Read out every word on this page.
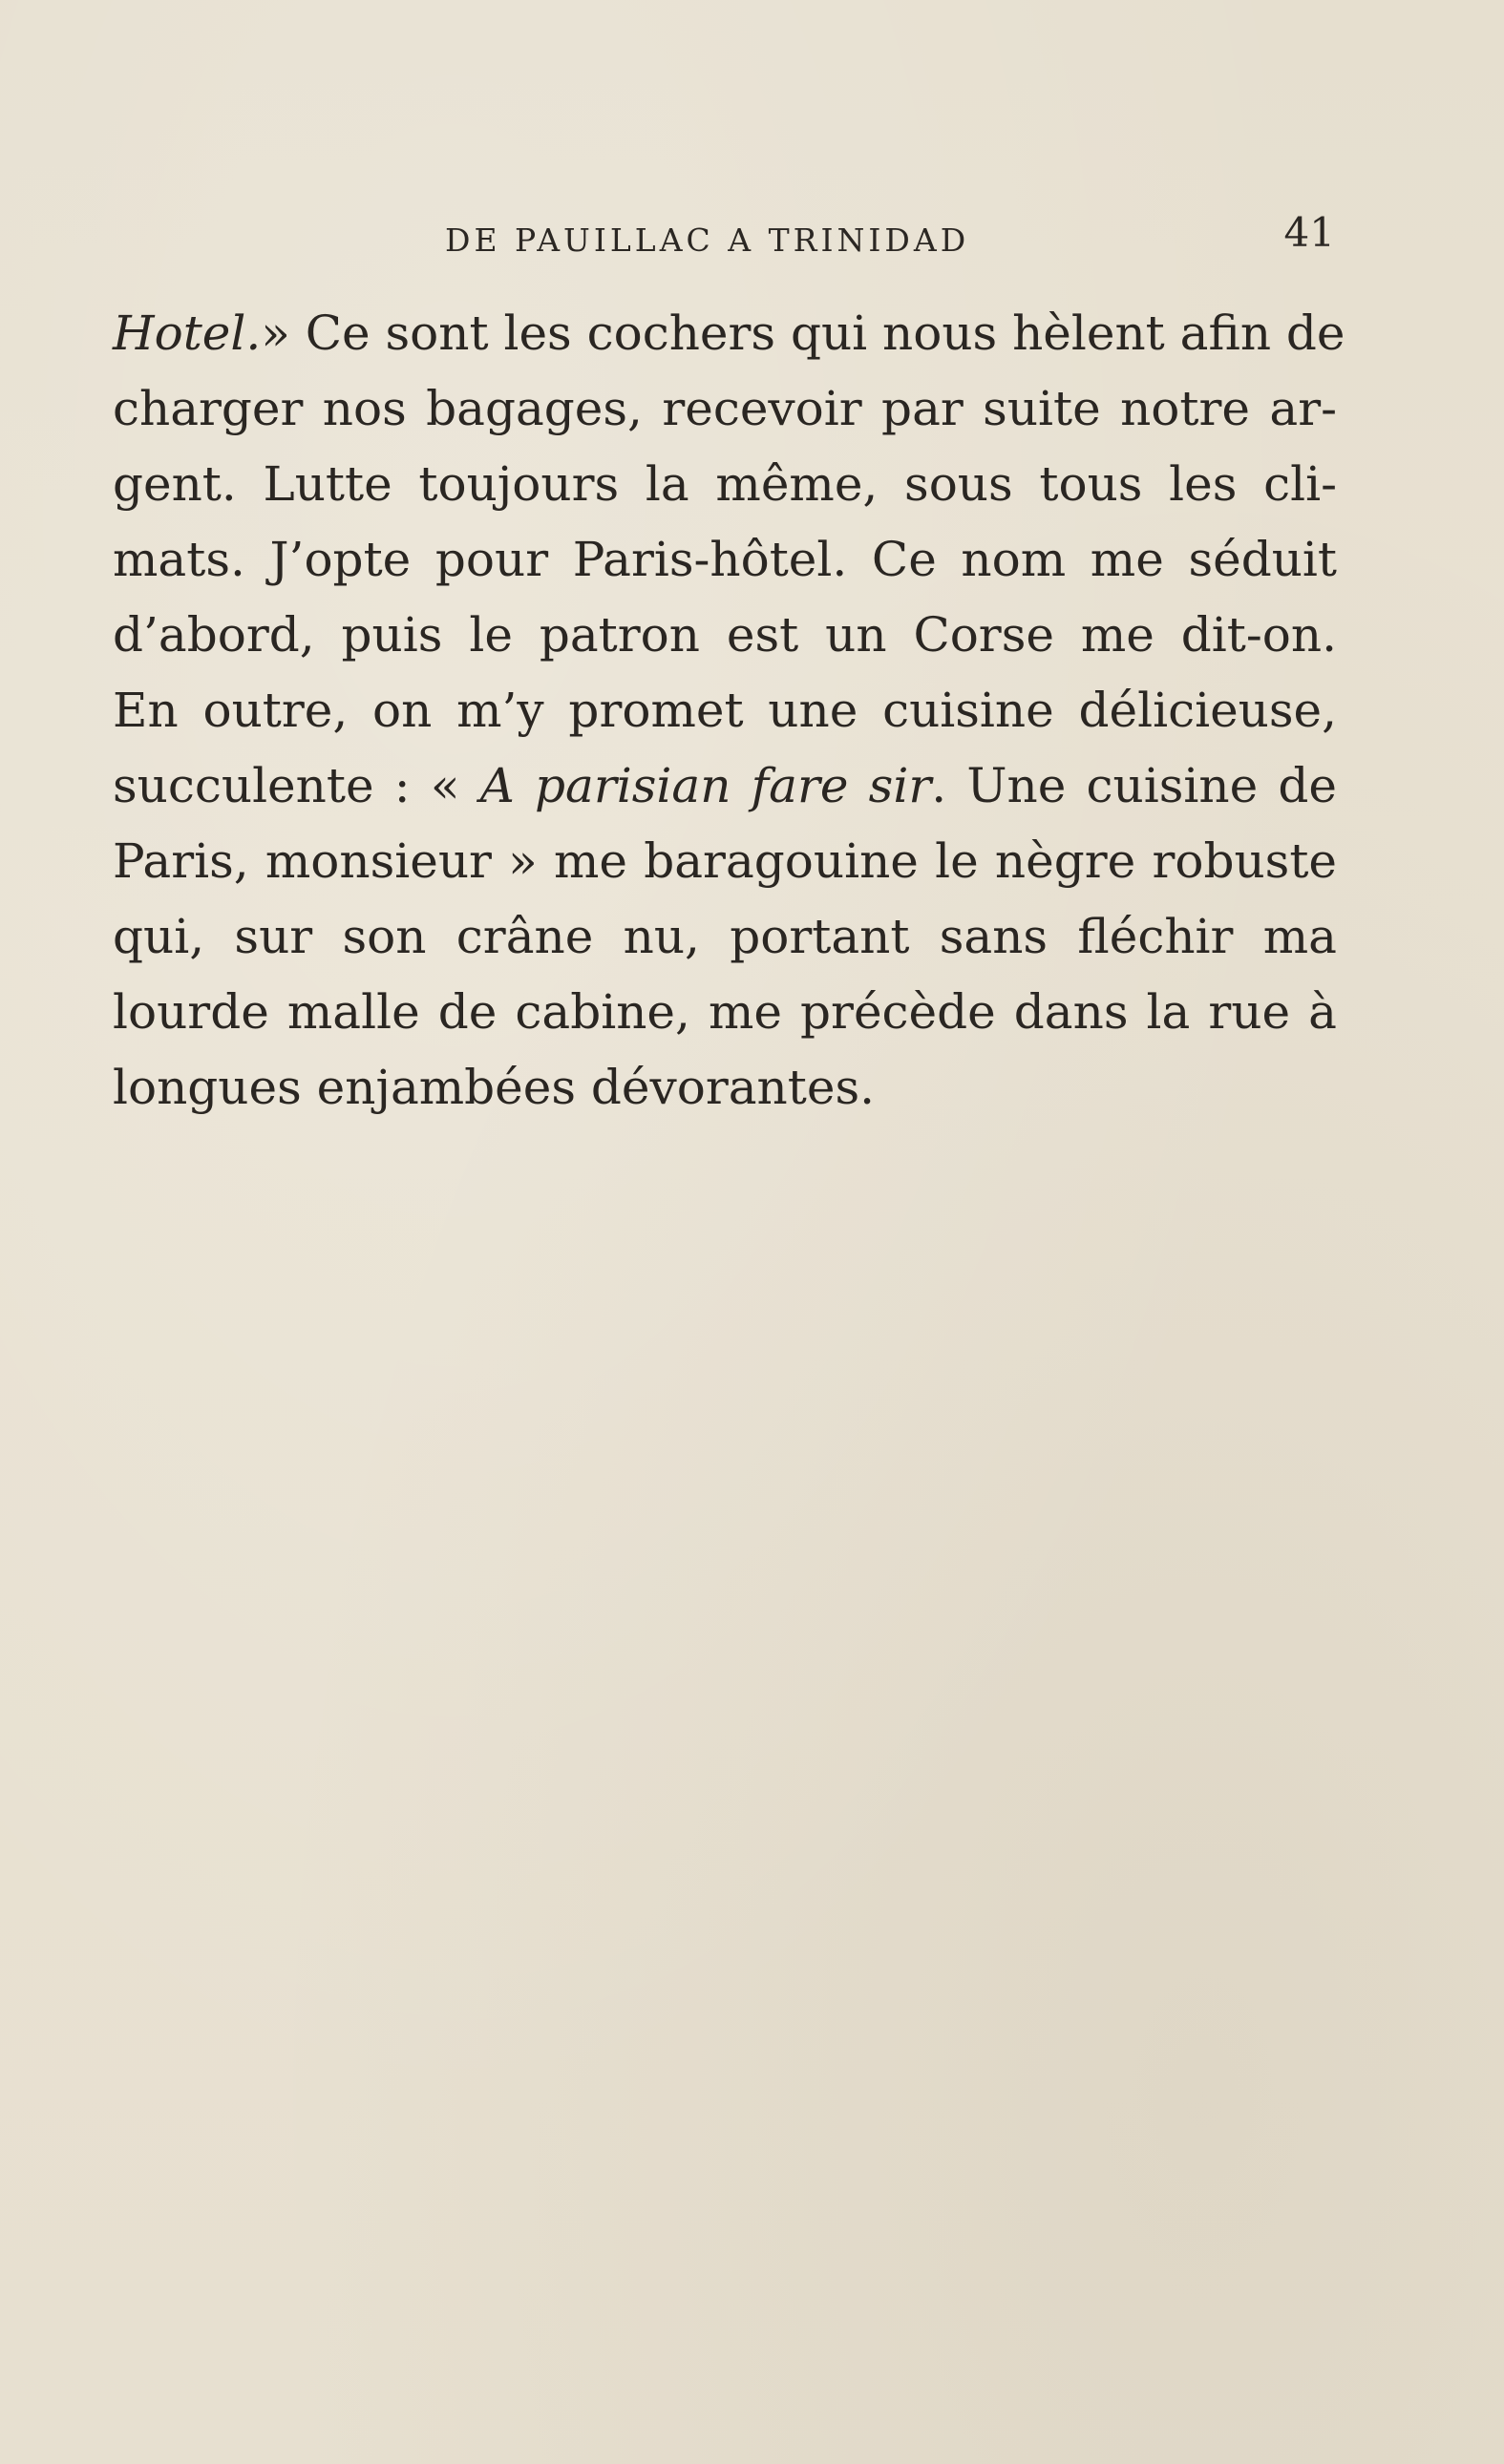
DE PAUILLAC A TRINIDAD	41
Hotel.» Ce sont les cochers qui nous hèlent afin de
charger nos bagages, recevoir par suite notre ar-
gent. Lutte toujours la même, sous tous les cli-
mats. J’opte pour Paris-hôtel. Ce nom me séduit
d’abord, puis le patron est un Corse me dit-on.
En outre, on m’y promet une cuisine délicieuse,
succulente : « A parisian fare sir. Une cuisine de
Paris, monsieur » me baragouine le nègre robuste
qui, sur son crâne nu, portant sans fléchir ma
lourde malle de cabine, me précède dans la rue à
longues enjambées dévorantes.
